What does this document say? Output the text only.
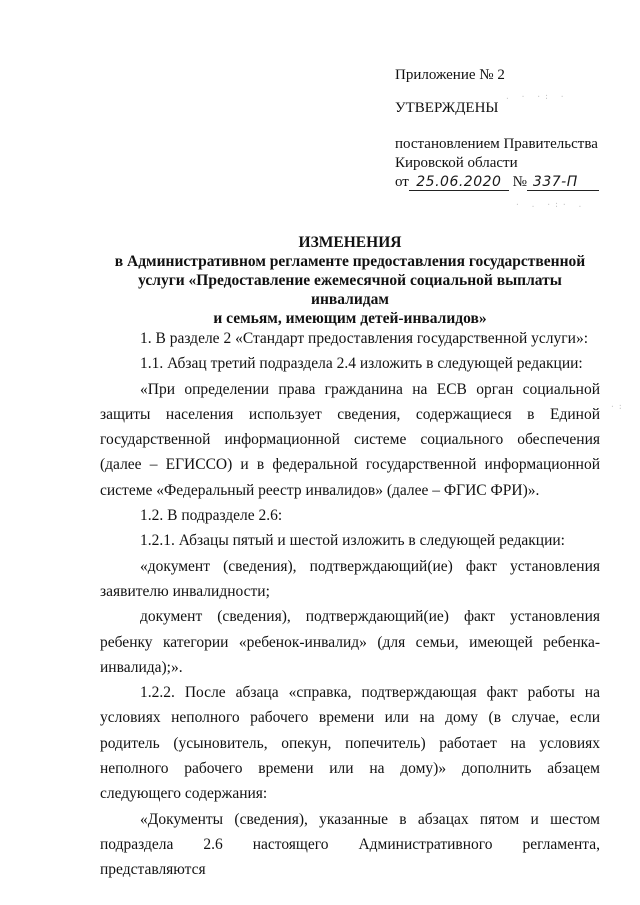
. · ·: ·
· . ·:· .
·:
Приложение № 2
УТВЕРЖДЕНЫ
постановлением Правительства
Кировской области
от 25.06.2020 № 337-П
ИЗМЕНЕНИЯ
в Административном регламенте предоставления государственной
услуги «Предоставление ежемесячной социальной выплаты инвалидам
и семьям, имеющим детей-инвалидов»

1. В разделе 2 «Стандарт предоставления государственной услуги»:

1.1. Абзац третий подраздела 2.4 изложить в следующей редакции:

«При определении права гражданина на ЕСВ орган социальной защиты населения использует сведения, содержащиеся в Единой государственной информационной системе социального обеспечения (далее – ЕГИССО) и в федеральной государственной информационной системе «Федеральный реестр инвалидов» (далее – ФГИС ФРИ)».

1.2. В подразделе 2.6:

1.2.1. Абзацы пятый и шестой изложить в следующей редакции:

«документ (сведения), подтверждающий(ие) факт установления заявителю инвалидности;

документ (сведения), подтверждающий(ие) факт установления ребенку категории «ребенок-инвалид» (для семьи, имеющей ребенка-инвалида);».

1.2.2. После абзаца «справка, подтверждающая факт работы на условиях неполного рабочего времени или на дому (в случае, если родитель (усыновитель, опекун, попечитель) работает на условиях неполного рабочего времени или на дому)» дополнить абзацем следующего содержания:

«Документы (сведения), указанные в абзацах пятом и шестом подраздела 2.6 настоящего Административного регламента, представляются
